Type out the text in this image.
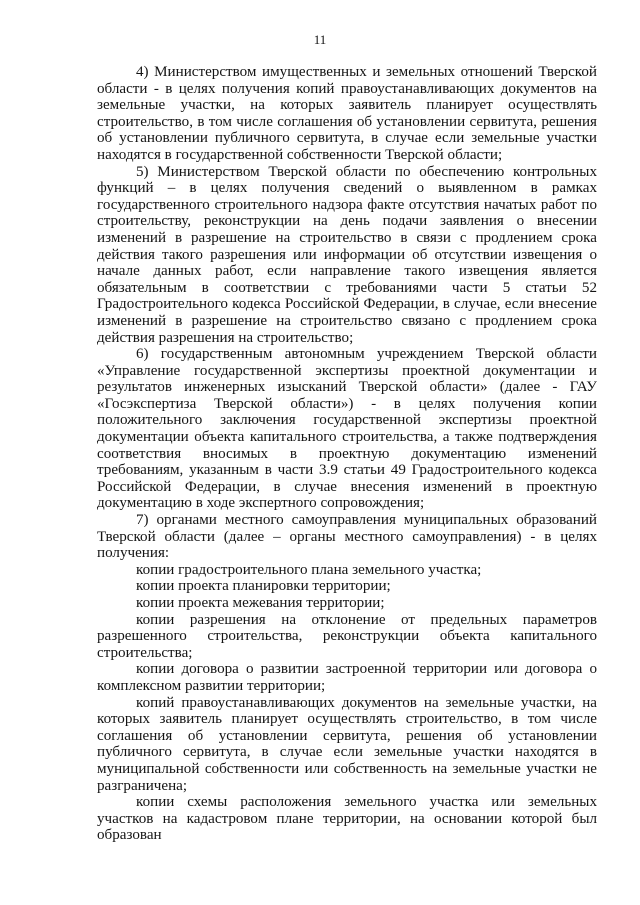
11

4) Министерством имущественных и земельных отношений Тверской области - в целях получения копий правоустанавливающих документов на земельные участки, на которых заявитель планирует осуществлять строительство, в том числе соглашения об установлении сервитута, решения об установлении публичного сервитута, в случае если земельные участки находятся в государственной собственности Тверской области;

5) Министерством Тверской области по обеспечению контрольных функций – в целях получения сведений о выявленном в рамках государственного строительного надзора факте отсутствия начатых работ по строительству, реконструкции на день подачи заявления о внесении изменений в разрешение на строительство в связи с продлением срока действия такого разрешения или информации об отсутствии извещения о начале данных работ, если направление такого извещения является обязательным в соответствии с требованиями части 5 статьи 52 Градостроительного кодекса Российской Федерации, в случае, если внесение изменений в разрешение на строительство связано с продлением срока действия разрешения на строительство;

6) государственным автономным учреждением Тверской области «Управление государственной экспертизы проектной документации и результатов инженерных изысканий Тверской области» (далее - ГАУ «Госэкспертиза Тверской области») - в целях получения копии положительного заключения государственной экспертизы проектной документации объекта капитального строительства, а также подтверждения соответствия вносимых в проектную документацию изменений требованиям, указанным в части 3.9 статьи 49 Градостроительного кодекса Российской Федерации, в случае внесения изменений в проектную документацию в ходе экспертного сопровождения;

7) органами местного самоуправления муниципальных образований Тверской области (далее – органы местного самоуправления) - в целях получения:

копии градостроительного плана земельного участка;

копии проекта планировки территории;

копии проекта межевания территории;

копии разрешения на отклонение от предельных параметров разрешенного строительства, реконструкции объекта капитального строительства;

копии договора о развитии застроенной территории или договора о комплексном развитии территории;

копий правоустанавливающих документов на земельные участки, на которых заявитель планирует осуществлять строительство, в том числе соглашения об установлении сервитута, решения об установлении публичного сервитута, в случае если земельные участки находятся в муниципальной собственности или собственность на земельные участки не разграничена;

копии схемы расположения земельного участка или земельных участков на кадастровом плане территории, на основании которой был образован
